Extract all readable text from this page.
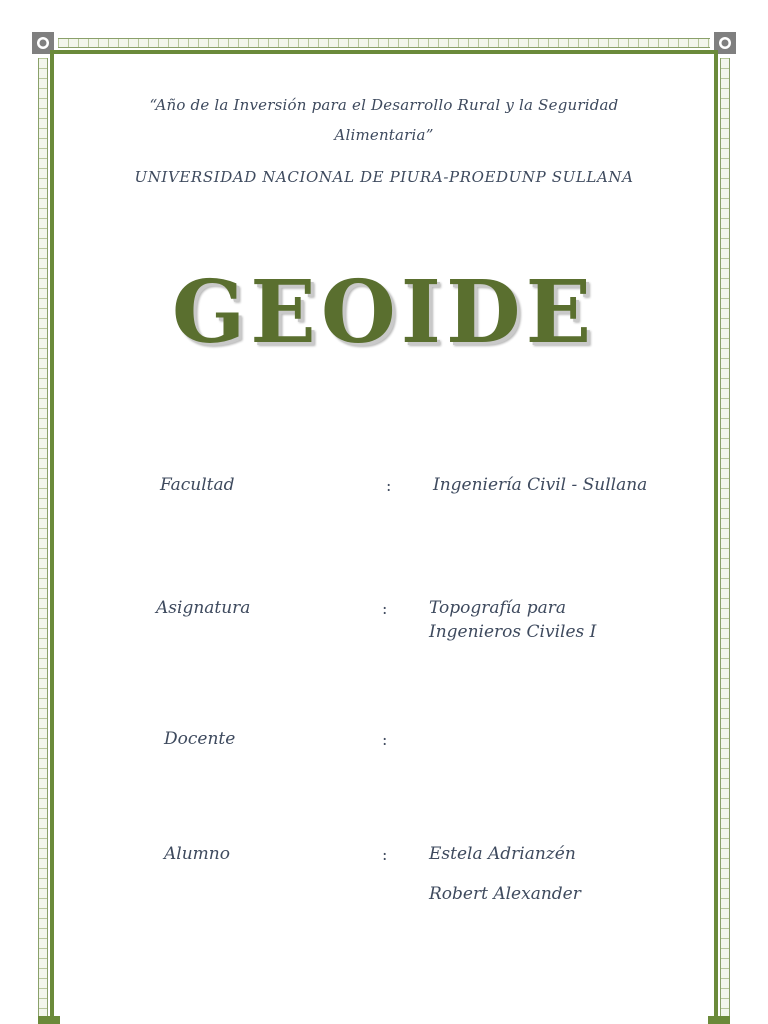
“Año de la Inversión para el Desarrollo Rural y la Seguridad
Alimentaria”
UNIVERSIDAD NACIONAL DE PIURA-PROEDUNP SULLANA
GEOIDE
Facultad	: Ingeniería Civil - Sullana
Asignatura	: Topografía para
Ingenieros Civiles I
Docente	:
Alumno	: Estela Adrianzén
Robert Alexander
